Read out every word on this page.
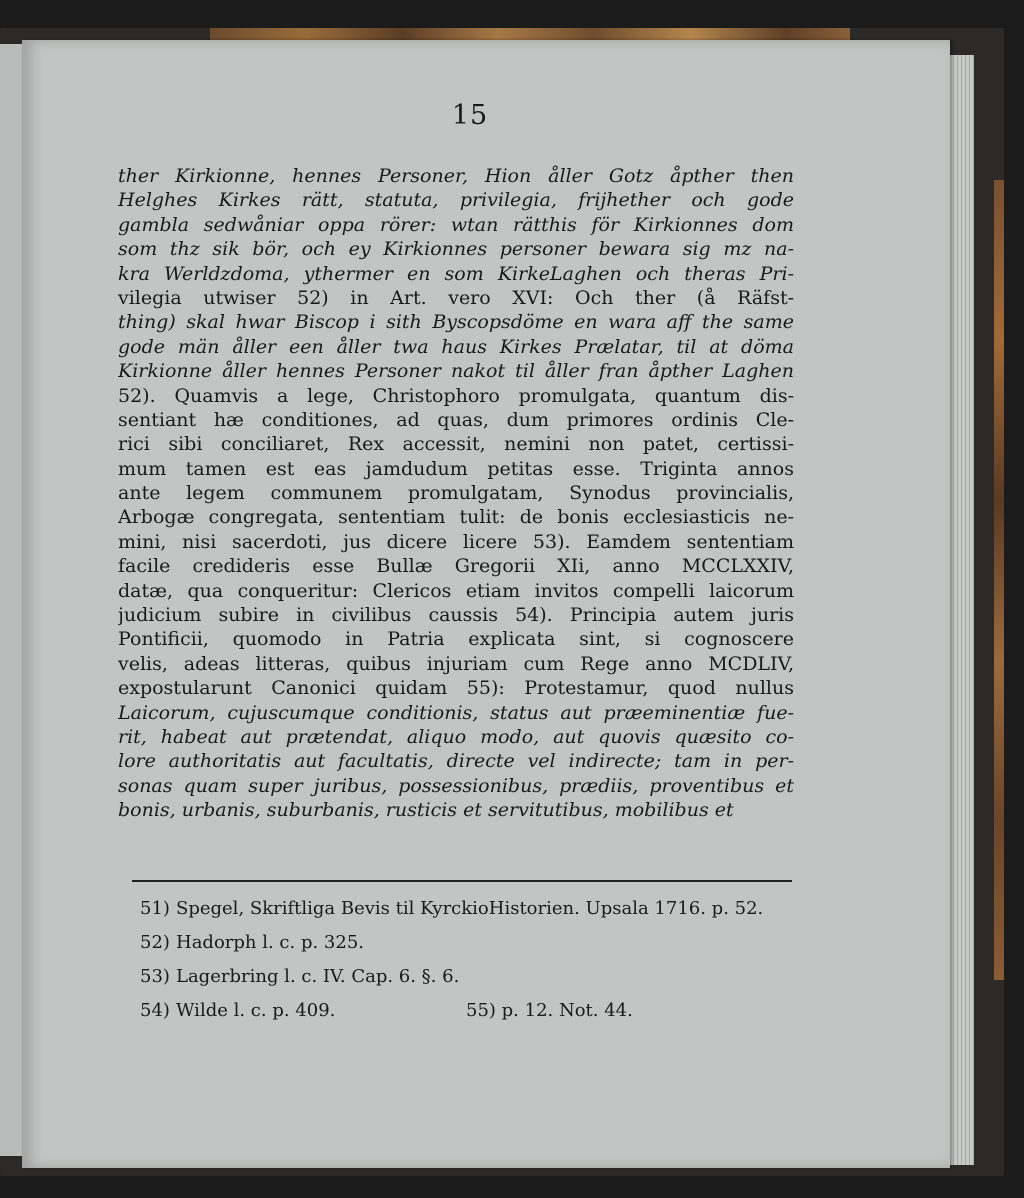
15
ther Kirkionne, hennes Personer, Hion åller Gotz åpther then
Helghes Kirkes rätt, statuta, privilegia, frijhether och gode
gambla sedwåniar oppa rörer: wtan rätthis för Kirkionnes dom
som thz sik bör, och ey Kirkionnes personer bewara sig mz na-
kra Werldzdoma, ythermer en som KirkeLaghen och theras Pri-
vilegia utwiser 52) in Art. vero XVI: Och ther (å Räfst-
thing) skal hwar Biscop i sith Byscopsdöme en wara aff the same
gode män åller een åller twa haus Kirkes Prælatar, til at döma
Kirkionne åller hennes Personer nakot til åller fran åpther Laghen
52). Quamvis a lege, Christophoro promulgata, quantum dis-
sentiant hæ conditiones, ad quas, dum primores ordinis Cle-
rici sibi conciliaret, Rex accessit, nemini non patet, certissi-
mum tamen est eas jamdudum petitas esse. Triginta annos
ante legem communem promulgatam, Synodus provincialis,
Arbogæ congregata, sententiam tulit: de bonis ecclesiasticis ne-
mini, nisi sacerdoti, jus dicere licere 53). Eamdem sententiam
facile credideris esse Bullæ Gregorii XIi, anno MCCLXXIV,
datæ, qua conqueritur: Clericos etiam invitos compelli laicorum
judicium subire in civilibus caussis 54). Principia autem juris
Pontificii, quomodo in Patria explicata sint, si cognoscere
velis, adeas litteras, quibus injuriam cum Rege anno MCDLIV,
expostularunt Canonici quidam 55): Protestamur, quod nullus
Laicorum, cujuscumque conditionis, status aut præeminentiæ fue-
rit, habeat aut prætendat, aliquo modo, aut quovis quæsito co-
lore authoritatis aut facultatis, directe vel indirecte; tam in per-
sonas quam super juribus, possessionibus, prædiis, proventibus et
bonis, urbanis, suburbanis, rusticis et servitutibus, mobilibus et
51) Spegel, Skriftliga Bevis til KyrckioHistorien. Upsala 1716. p. 52.
52) Hadorph l. c. p. 325.
53) Lagerbring l. c. IV. Cap. 6. §. 6.
54) Wilde l. c. p. 409.	55) p. 12. Not. 44.
